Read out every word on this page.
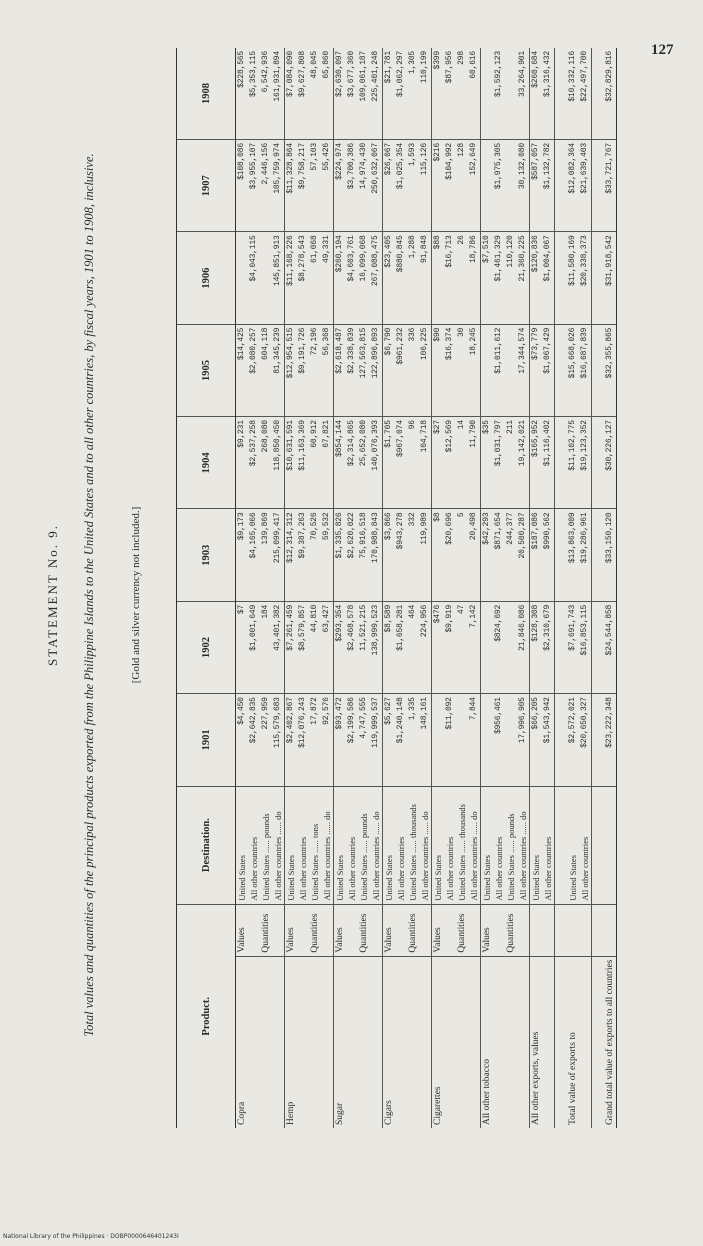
127
STATEMENT No. 9. Total values and quantities of the principal products exported from the Philippine Islands to the United States and to all other countries, by fiscal years, 1901 to 1908, inclusive.	[Gold and silver currency not included.]
Product.		Destination.	1901	1902	1903	1904	1905	1906	1907	1908
Copra	Values	United States	$4,450	$7	$9,173	$9,231	$14,425		$108,086	$228,565
		All other countries	$2,642,835	$1,001,649	$4,165,066	$2,537,258	$2,080,257	$4,043,115	$3,955,107	$5,353,115
	Quantities	United States ...... pounds	227,959	184	139,869	268,080	604,118		2,446,156	6,542,936
		All other countries ...... do	115,579,683	43,401,382	215,099,417	118,850,450	81,345,239	145,851,913	105,759,974	161,931,894
Hemp	Values	United States	$2,402,867	$7,261,459	$12,314,312	$10,631,591	$12,954,515	$11,168,226	$11,328,864	$7,084,090
		All other countries	$12,076,243	$8,579,857	$9,387,263	$11,163,369	$9,191,726	$8,278,543	$9,758,217	$9,627,808
	Quantities	United States ...... tons	17,872	44,810	70,526	60,912	72,196	61,068	57,103	48,045
		All other countries ...... do	92,576	63,427	59,532	67,821	56,368	49,331	55,426	65,860
Sugar	Values	United States	$93,472	$293,354	$1,335,826	$854,144	$2,618,487	$260,194	$224,974	$2,630,097
		All other countries	$2,199,586	$2,468,578	$2,620,022	$2,314,865	$2,338,839	$4,603,761	$3,700,386	$3,677,360
	Quantities	United States ...... pounds	4,747,555	11,521,215	75,916,518	25,652,080	127,563,815	16,099,068	14,974,430	109,061,187
		All other countries ...... do	119,999,537	138,999,523	170,988,843	140,076,393	122,896,893	267,088,475	250,632,067	225,401,248
Cigars	Values	United States	$5,627	$8,589	$3,866	$1,705	$6,790	$23,405	$26,067	$21,781
		All other countries	$1,240,148	$1,658,281	$943,278	$967,074	$961,232	$880,845	$1,025,354	$1,062,297
	Quantities	United States ...... thousands	1,335	464	332	96	336	1,288	1,593	1,305
		All other countries ...... do	148,161	224,956	119,989	104,718	106,225	91,848	115,126	110,199
Cigarettes	Values	United States		$476	$8	$27	$90	$88	$216	$399
		All other countries	$11,092	$9,919	$20,696	$12,569	$16,374	$16,713	$104,992	$87,956
	Quantities	United States ...... thousands		47	5	14	30	26	128	298
		All other countries ...... do	7,844	7,142	20,498	11,790	18,245	18,786	152,649	60,616
All other tobacco	Values	United States			$42,293	$35		$7,510		
		All other countries	$956,461	$824,692	$871,654	$1,031,797	$1,011,612	$1,461,329	$1,975,305	$1,592,123
	Quantities	United States ...... pounds			244,377	211		110,120		
		All other countries ...... do	17,996,905	21,846,086	20,500,287	19,142,021	17,344,574	21,360,225	30,132,080	33,264,901
All other exports, values		United States	$66,205	$128,308	$187,086	$165,952	$73,779	$120,836	$587,057	$260,684
		All other countries	$1,543,942	$2,310,679	$990,562	$1,116,402	$1,067,429	$1,004,067	$1,132,782	$1,316,432

Total value of exports to		United States	$2,572,021	$7,691,743	$13,863,009	$11,102,775	$15,668,026	$11,580,169	$12,082,364	$10,332,116
		All other countries	$20,650,327	$16,853,115	$19,286,961	$19,123,352	$16,687,839	$20,338,373	$21,639,403	$22,497,700

Grand total value of exports to all countries			$23,222,348	$24,544,858	$33,150,120	$30,226,127	$32,355,865	$31,918,542	$33,721,767	$32,829,816
National Library of the Philippines · DOBP0000646401243I
